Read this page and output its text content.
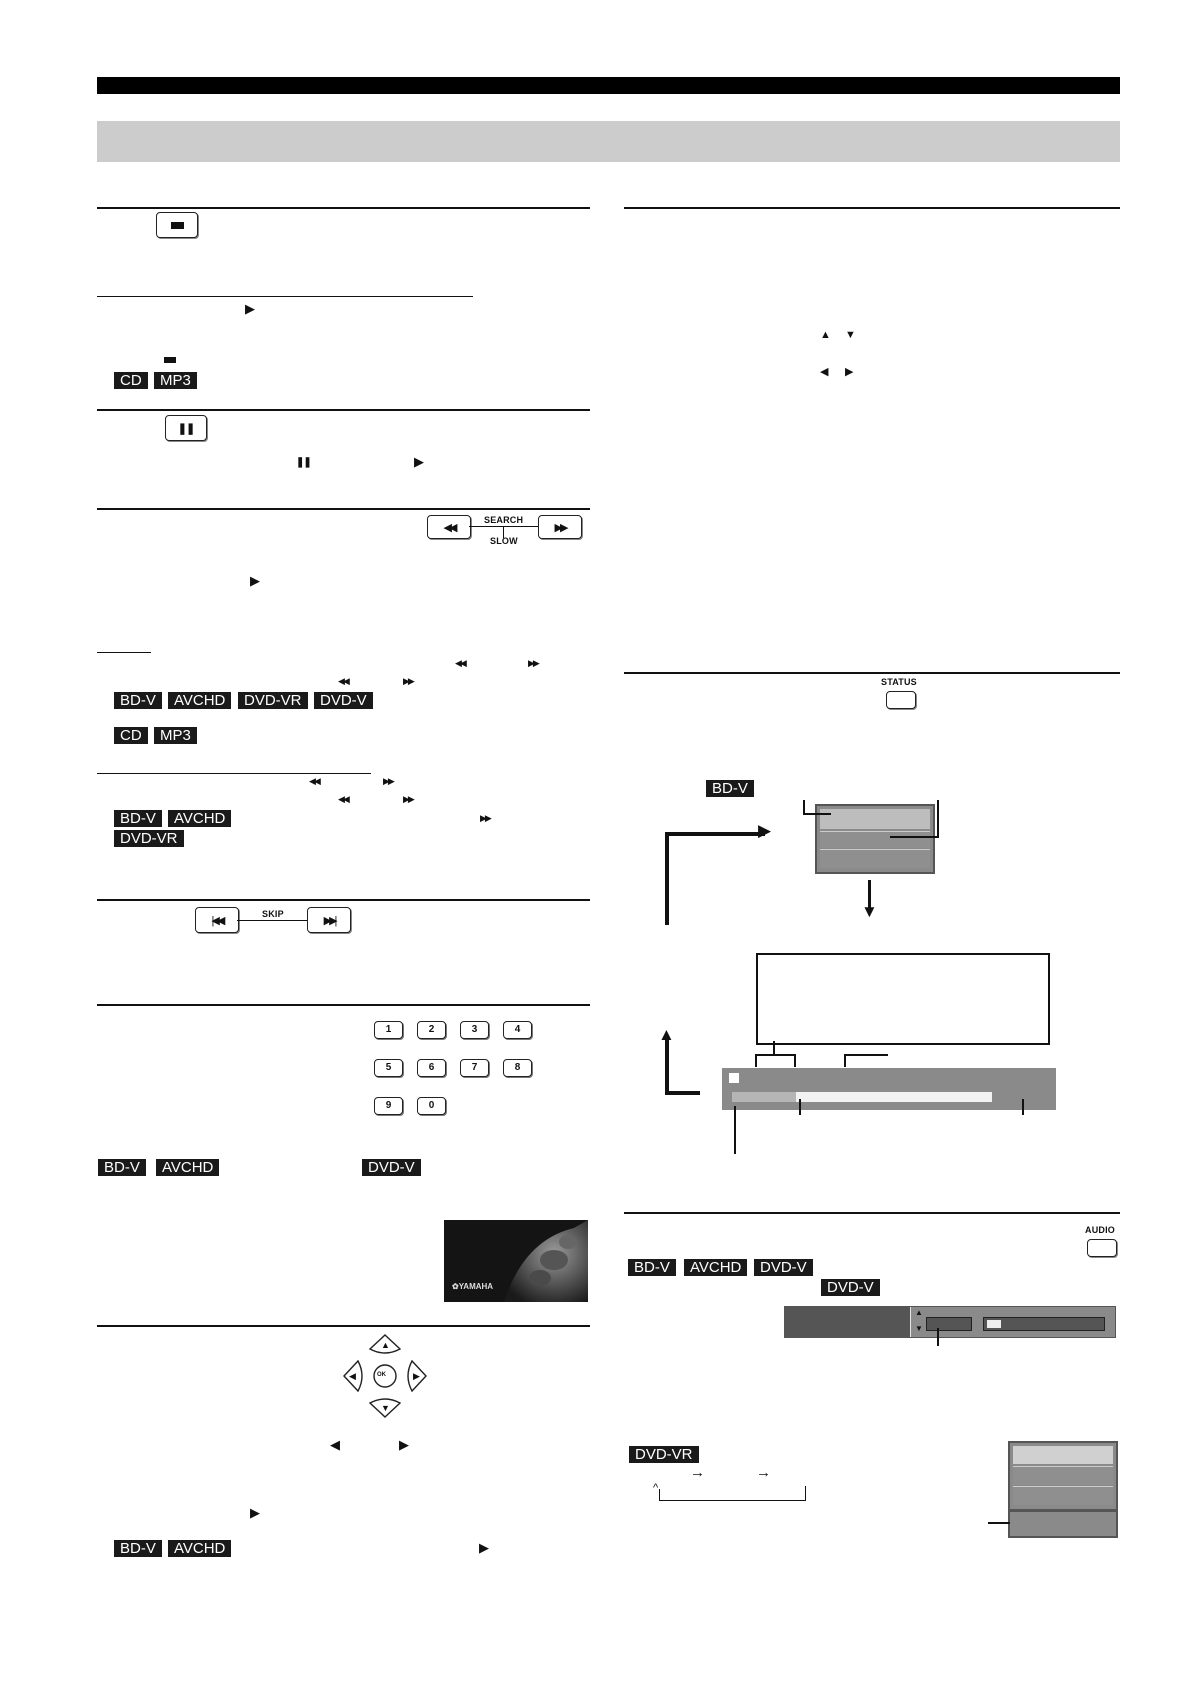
▶
CD	MP3
❚❚
❚❚	▶
◀◀	▶▶
SEARCH
SLOW
▶
◀◀	▶▶
◀◀	▶▶
BD-V	AVCHD	DVD-VR	DVD-V
CD	MP3
◀◀	▶▶
◀◀	▶▶
BD-V	AVCHD	▶▶
DVD-VR
|◀◀	▶▶|
SKIP
1	2	3	4
5	6	7	8
9	0
BD-V	AVCHD	DVD-V
✿YAMAHA
▲
▼
◀	▶
OK
◀	▶
▶
BD-V	AVCHD	▶
▲ ▼
◀ ▶
STATUS
BD-V
▶
▼
▲
AUDIO
BD-V	AVCHD	DVD-V
DVD-V
▲
▼
DVD-VR
→	→
^
